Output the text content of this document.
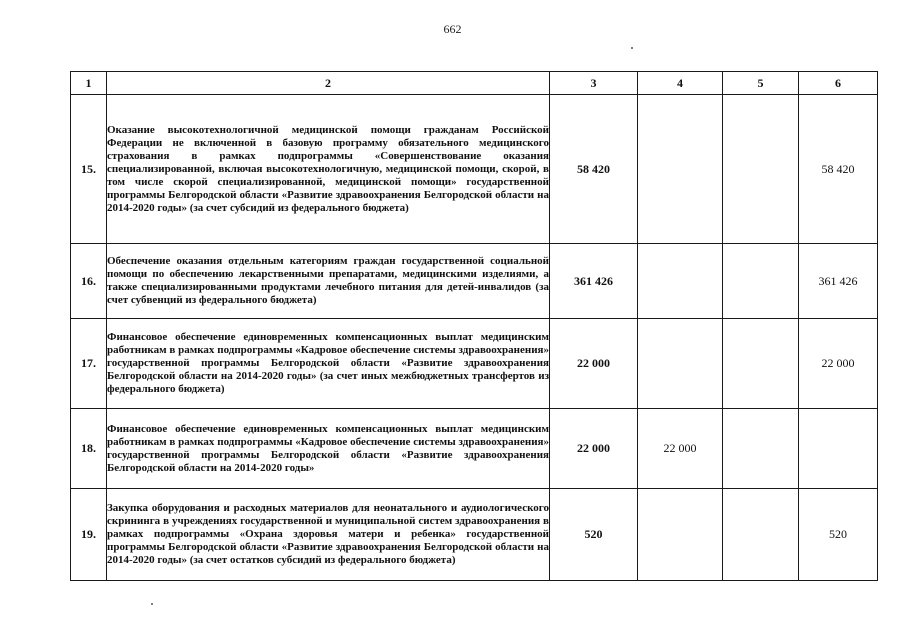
662
1	2	3	4	5	6
15.	Оказание высокотехнологичной медицинской помощи гражданам Российской Федерации не включенной в базовую программу обязательного медицинского страхования в рамках подпрограммы «Совершенствование оказания специализированной, включая высокотехнологичную, медицинской помощи, скорой, в том числе скорой специализированной, медицинской помощи» государственной программы Белгородской области «Развитие здравоохранения Белгородской области на 2014-2020 годы» (за счет субсидий из федерального бюджета)	58 420			58 420
16.	Обеспечение оказания отдельным категориям граждан государственной социальной помощи по обеспечению лекарственными препаратами, медицинскими изделиями, а также специализированными продуктами лечебного питания для детей-инвалидов (за счет субвенций из федерального бюджета)	361 426			361 426
17.	Финансовое обеспечение единовременных компенсационных выплат медицинским работникам в рамках подпрограммы «Кадровое обеспечение системы здравоохранения» государственной программы Белгородской области «Развитие здравоохранения Белгородской области на 2014-2020 годы» (за счет иных межбюджетных трансфертов из федерального бюджета)	22 000			22 000
18.	Финансовое обеспечение единовременных компенсационных выплат медицинским работникам в рамках подпрограммы «Кадровое обеспечение системы здравоохранения» государственной программы Белгородской области «Развитие здравоохранения Белгородской области на 2014-2020 годы»	22 000	22 000		
19.	Закупка оборудования и расходных материалов для неонатального и аудиологического скрининга в учреждениях государственной и муниципальной систем здравоохранения в рамках подпрограммы «Охрана здоровья матери и ребенка» государственной программы Белгородской области «Развитие здравоохранения Белгородской области на 2014-2020 годы» (за счет остатков субсидий из федерального бюджета)	520			520
